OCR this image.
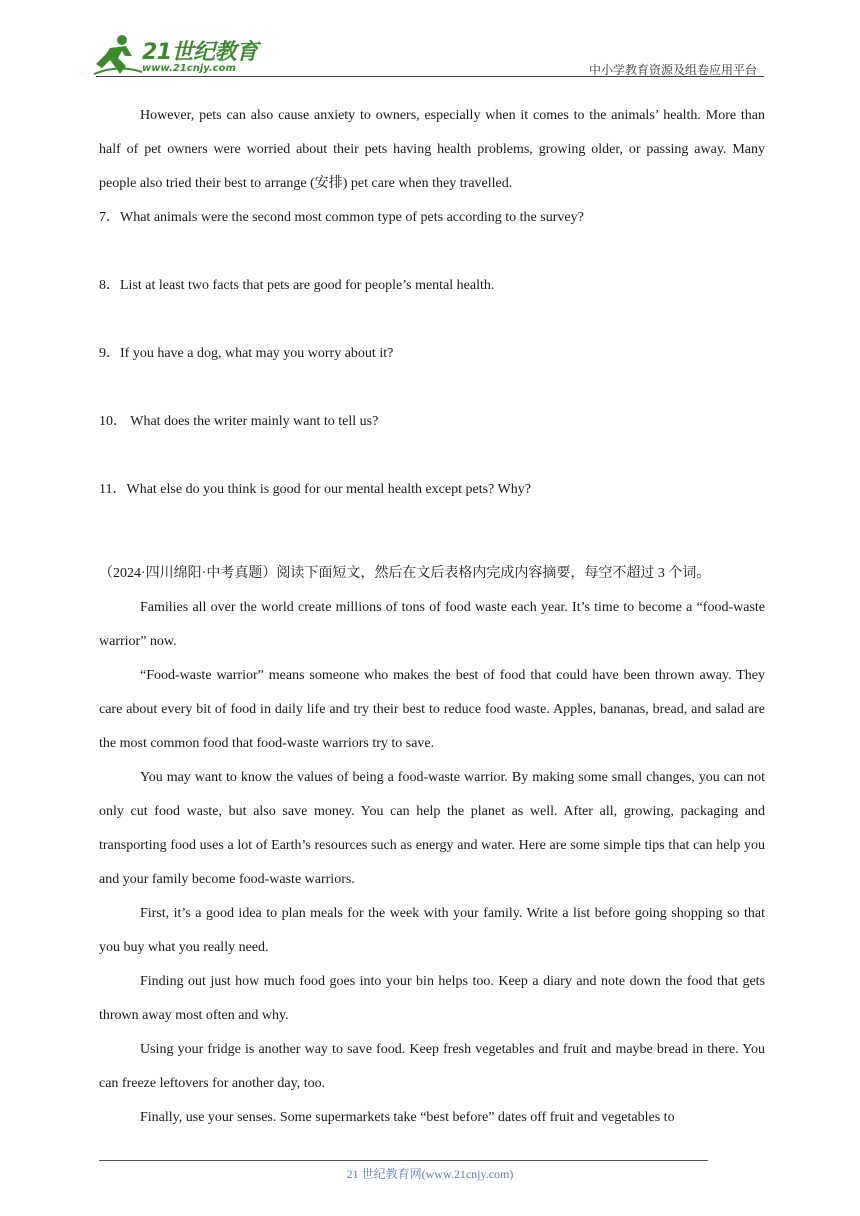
21世纪教育
www.21cnjy.com	中小学教育资源及组卷应用平台

However, pets can also cause anxiety to owners, especially when it comes to the animals’ health. More than half of pet owners were worried about their pets having health problems, growing older, or passing away. Many people also tried their best to arrange (安排) pet care when they travelled.

7．What animals were the second most common type of pets according to the survey?

8．List at least two facts that pets are good for people’s mental health.

9．If you have a dog, what may you worry about it?

10． What does the writer mainly want to tell us?

11．What else do you think is good for our mental health except pets? Why?

（2024·四川绵阳·中考真题）阅读下面短文，然后在文后表格内完成内容摘要，每空不超过 3 个词。

Families all over the world create millions of tons of food waste each year. It’s time to become a “food-waste warrior” now.

“Food-waste warrior” means someone who makes the best of food that could have been thrown away. They care about every bit of food in daily life and try their best to reduce food waste. Apples, bananas, bread, and salad are the most common food that food-waste warriors try to save.

You may want to know the values of being a food-waste warrior. By making some small changes, you can not only cut food waste, but also save money. You can help the planet as well. After all, growing, packaging and transporting food uses a lot of Earth’s resources such as energy and water. Here are some simple tips that can help you and your family become food-waste warriors.

First, it’s a good idea to plan meals for the week with your family. Write a list before going shopping so that you buy what you really need.

Finding out just how much food goes into your bin helps too. Keep a diary and note down the food that gets thrown away most often and why.

Using your fridge is another way to save food. Keep fresh vegetables and fruit and maybe bread in there. You can freeze leftovers for another day, too.

Finally, use your senses. Some supermarkets take “best before” dates off fruit and vegetables to

21 世纪教育网(www.21cnjy.com)
